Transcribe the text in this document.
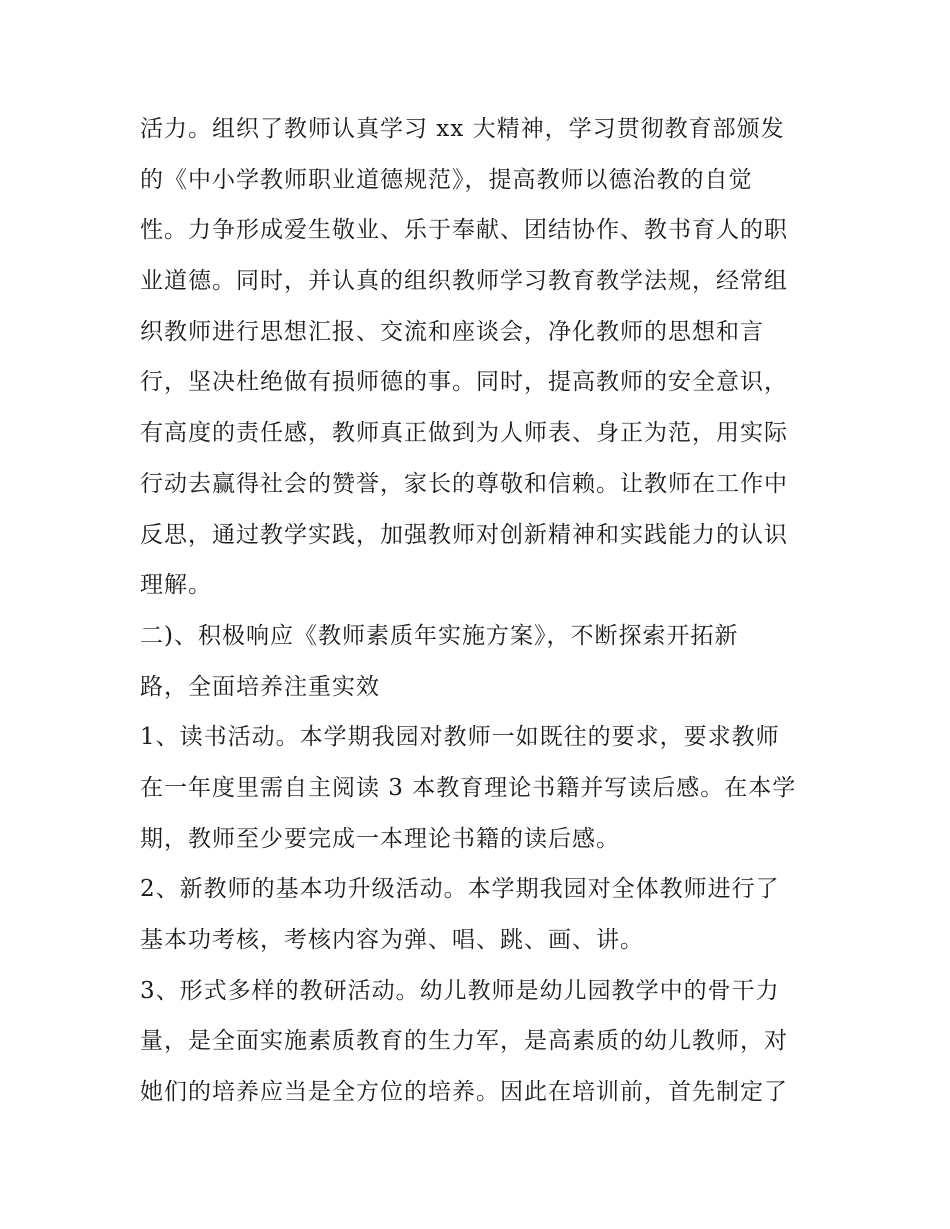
活力。组织了教师认真学习 xx 大精神，学习贯彻教育部颁发
的《中小学教师职业道德规范》，提高教师以德治教的自觉
性。力争形成爱生敬业、乐于奉献、团结协作、教书育人的职
业道德。同时，并认真的组织教师学习教育教学法规，经常组
织教师进行思想汇报、交流和座谈会，净化教师的思想和言
行，坚决杜绝做有损师德的事。同时，提高教师的安全意识，
有高度的责任感，教师真正做到为人师表、身正为范，用实际
行动去赢得社会的赞誉，家长的尊敬和信赖。让教师在工作中
反思，通过教学实践，加强教师对创新精神和实践能力的认识
理解。
二)、积极响应《教师素质年实施方案》，不断探索开拓新
路，全面培养注重实效
1、读书活动。本学期我园对教师一如既往的要求，要求教师
在一年度里需自主阅读 3 本教育理论书籍并写读后感。在本学
期，教师至少要完成一本理论书籍的读后感。
2、新教师的基本功升级活动。本学期我园对全体教师进行了
基本功考核，考核内容为弹、唱、跳、画、讲。
3、形式多样的教研活动。幼儿教师是幼儿园教学中的骨干力
量，是全面实施素质教育的生力军，是高素质的幼儿教师，对
她们的培养应当是全方位的培养。因此在培训前，首先制定了
